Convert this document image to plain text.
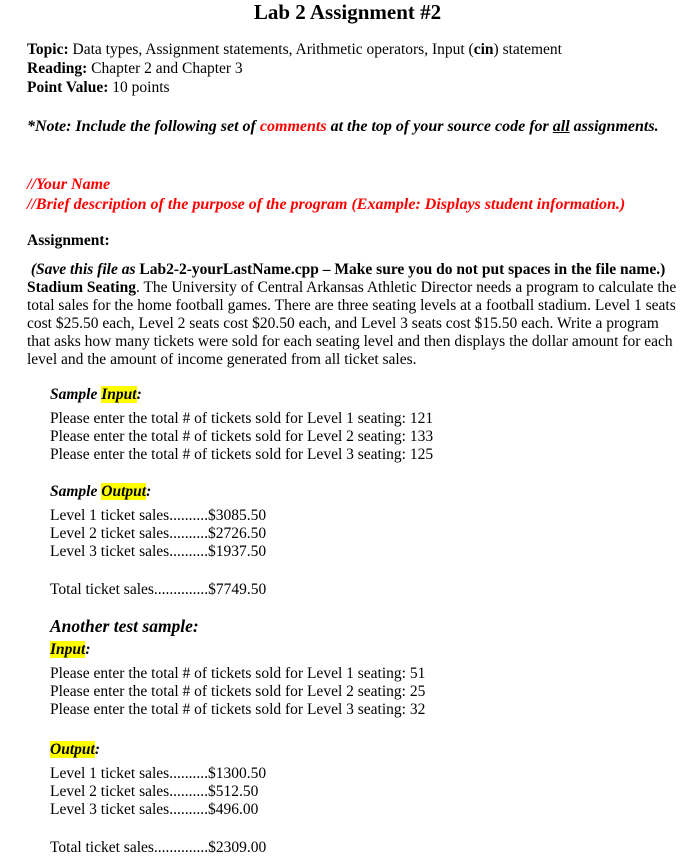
Lab 2 Assignment #2
Topic: Data types, Assignment statements, Arithmetic operators, Input (cin) statement
Reading: Chapter 2 and Chapter 3
Point Value: 10 points
*Note: Include the following set of comments at the top of your source code for all assignments.
//Your Name
//Brief description of the purpose of the program (Example: Displays student information.)
Assignment:
(Save this file as Lab2-2-yourLastName.cpp – Make sure you do not put spaces in the file name.)
Stadium Seating. The University of Central Arkansas Athletic Director needs a program to calculate the total sales for the home football games. There are three seating levels at a football stadium. Level 1 seats cost $25.50 each, Level 2 seats cost $20.50 each, and Level 3 seats cost $15.50 each. Write a program that asks how many tickets were sold for each seating level and then displays the dollar amount for each level and the amount of income generated from all ticket sales.
Sample Input:
Please enter the total # of tickets sold for Level 1 seating: 121
Please enter the total # of tickets sold for Level 2 seating: 133
Please enter the total # of tickets sold for Level 3 seating: 125
Sample Output:
Level 1 ticket sales..........$3085.50
Level 2 ticket sales..........$2726.50
Level 3 ticket sales..........$1937.50
Total ticket sales..............$7749.50
Another test sample:
Input:
Please enter the total # of tickets sold for Level 1 seating: 51
Please enter the total # of tickets sold for Level 2 seating: 25
Please enter the total # of tickets sold for Level 3 seating: 32
Output:
Level 1 ticket sales..........$1300.50
Level 2 ticket sales..........$512.50
Level 3 ticket sales..........$496.00
Total ticket sales..............$2309.00
